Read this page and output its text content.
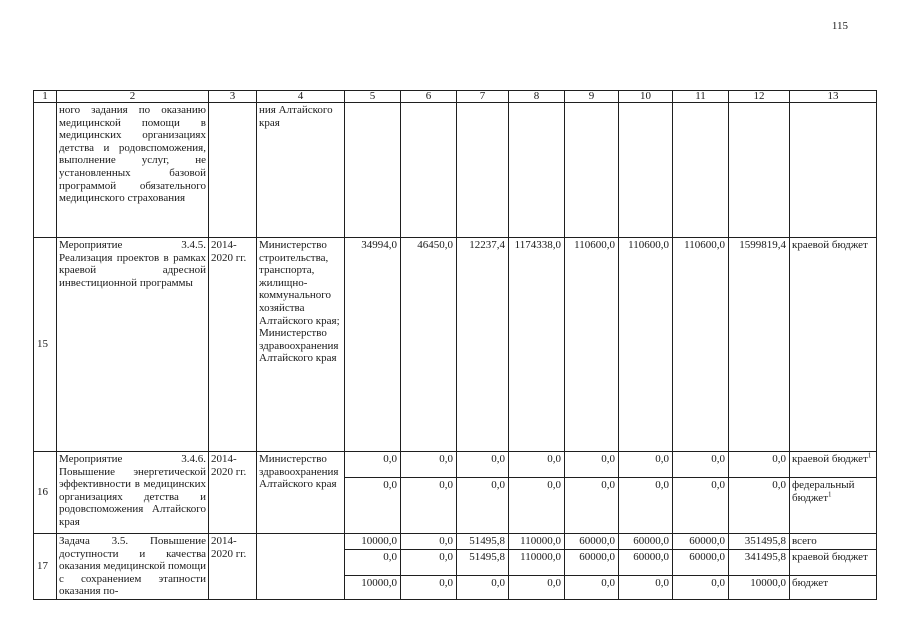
115
1	2	3	4	5	6	7	8	9	10	11	12	13
	ного задания по оказанию медицинской помощи в медицинских организациях детства и родовспоможения, выполнение услуг, не установленных базовой программой обязательного медицинского страхования		ния Алтайского края									
15	Мероприятие 3.4.5. Реализация проектов в рамках краевой адресной инвестиционной программы	2014-2020 гг.	Министерство строительства, транспорта, жилищно-коммунального хозяйства Алтайского края; Министерство здравоохранения Алтайского края	34994,0	46450,0	12237,4	1174338,0	110600,0	110600,0	110600,0	1599819,4	краевой бюджет
16	Мероприятие 3.4.6. Повышение энергетической эффективности в медицинских организациях детства и родовспоможения Алтайского края	2014-2020 гг.	Министерство здравоохранения Алтайского края	0,0	0,0	0,0	0,0	0,0	0,0	0,0	0,0	краевой бюджет$^1$
				0,0	0,0	0,0	0,0	0,0	0,0	0,0	0,0	федеральный бюджет$^1$
17	Задача 3.5. Повышение доступности и качества оказания медицинской помощи с сохранением этапности оказания по-	2014-2020 гг.		10000,0	0,0	51495,8	110000,0	60000,0	60000,0	60000,0	351495,8	всего
				0,0	0,0	51495,8	110000,0	60000,0	60000,0	60000,0	341495,8	краевой бюджет
				10000,0	0,0	0,0	0,0	0,0	0,0	0,0	10000,0	бюджет
